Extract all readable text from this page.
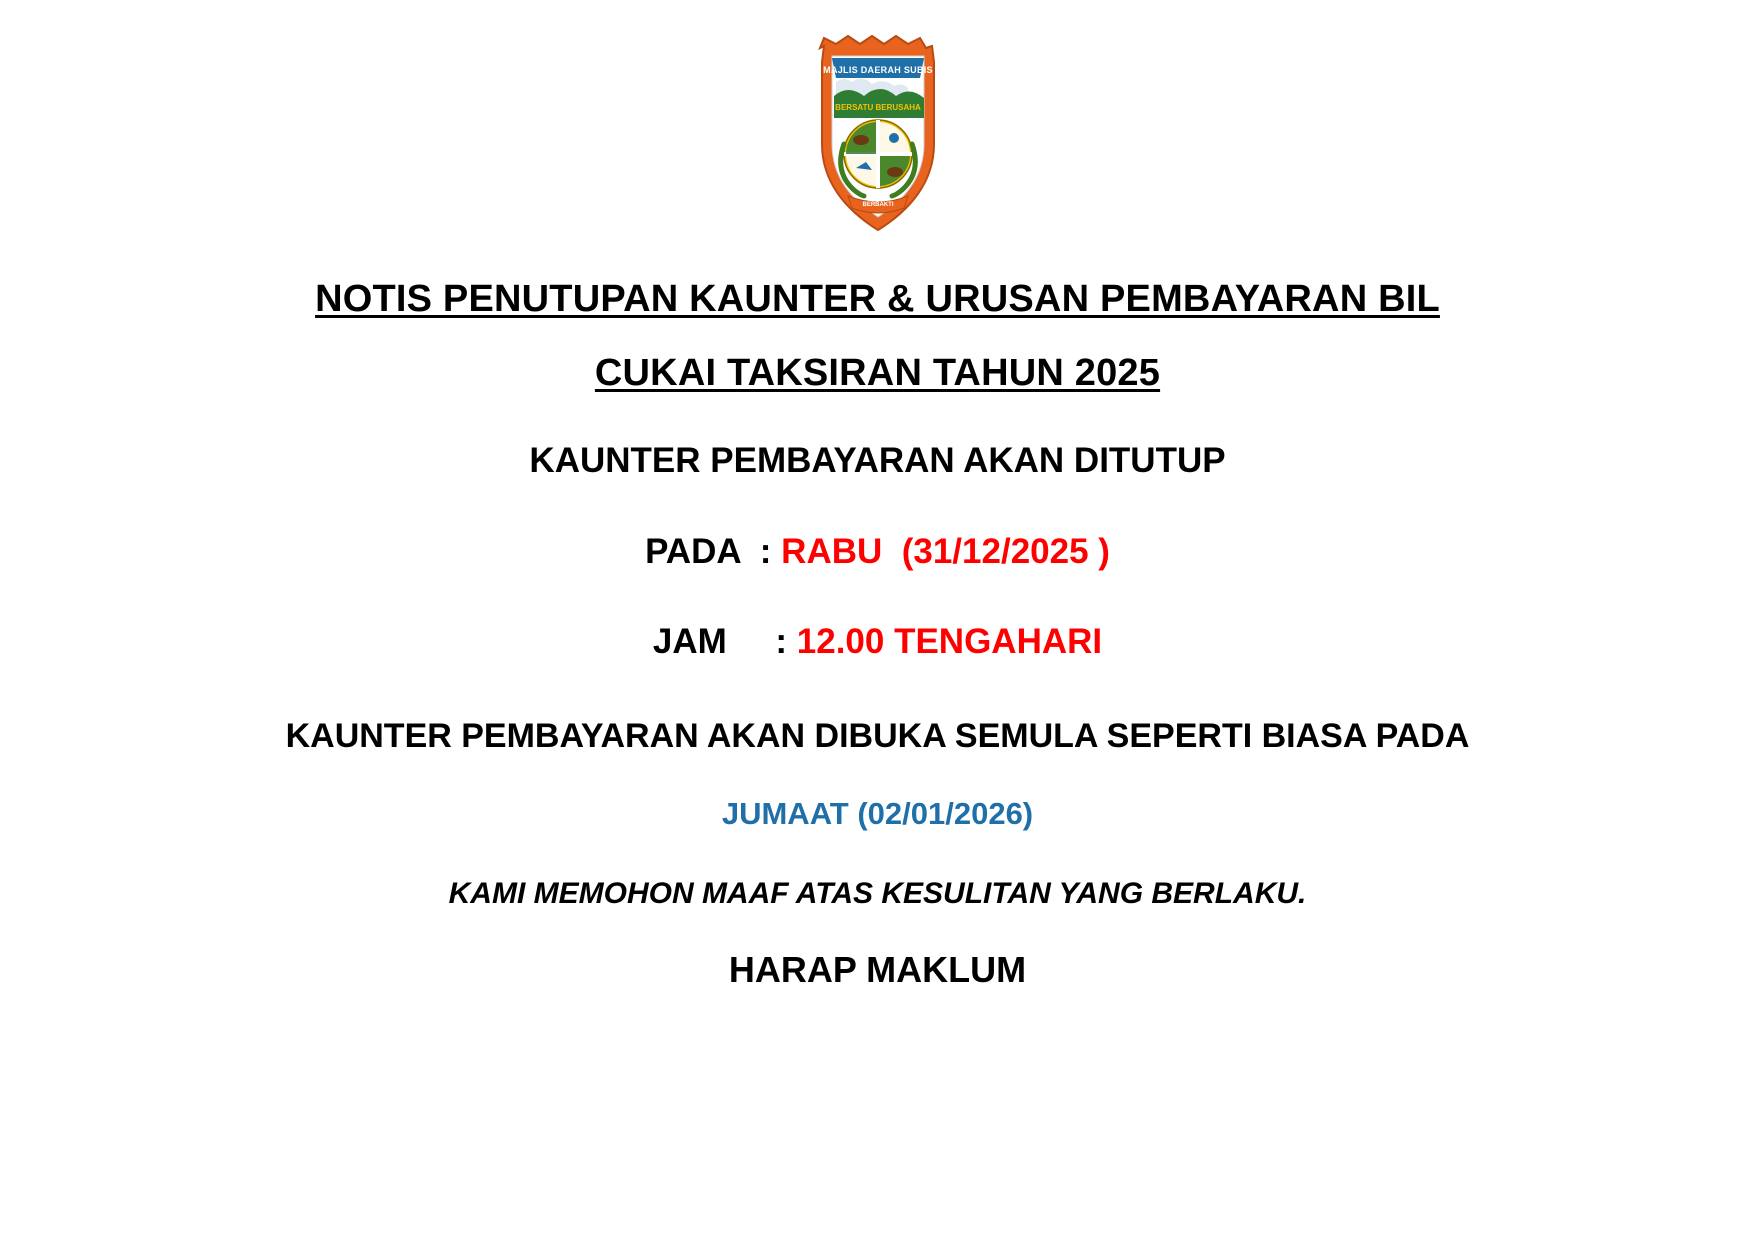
MAJLIS DAERAH SUBIS
BERSATU BERUSAHA
BERBAKTI
NOTIS PENUTUPAN KAUNTER & URUSAN PEMBAYARAN BIL
CUKAI TAKSIRAN TAHUN 2025
KAUNTER PEMBAYARAN AKAN DITUTUP
PADA  : RABU  (31/12/2025 )
JAM     : 12.00 TENGAHARI
KAUNTER PEMBAYARAN AKAN DIBUKA SEMULA SEPERTI BIASA PADA
JUMAAT (02/01/2026)
KAMI MEMOHON MAAF ATAS KESULITAN YANG BERLAKU.
HARAP MAKLUM
